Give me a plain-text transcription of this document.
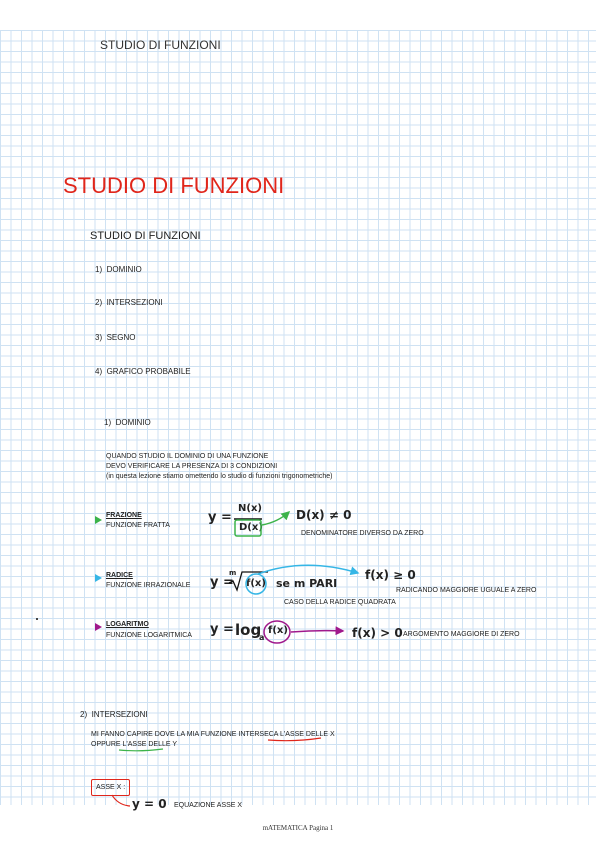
STUDIO DI FUNZIONI
STUDIO DI FUNZIONI
STUDIO DI FUNZIONI
1) DOMINIO
2) INTERSEZIONI
3) SEGNO
4) GRAFICO PROBABILE
1) DOMINIO
QUANDO STUDIO IL DOMINIO DI UNA FUNZIONE
DEVO VERIFICARE LA PRESENZA DI 3 CONDIZIONI
(in questa lezione stiamo omettendo lo studio di funzioni trigonometriche)
FRAZIONE
FUNZIONE FRATTA
y =
N(x)
D(x)
D(x) ≠ 0
DENOMINATORE DIVERSO DA ZERO
RADICE
FUNZIONE IRRAZIONALE y =
m
f(x) se m PARI
f(x) ≥ 0
RADICANDO MAGGIORE UGUALE A ZERO
CASO DELLA RADICE QUADRATA
LOGARITMO
FUNZIONE LOGARITMICA y = log
a
f(x)	f(x) > 0 ARGOMENTO MAGGIORE DI ZERO
2) INTERSEZIONI
MI FANNO CAPIRE DOVE LA MIA FUNZIONE INTERSECA L'ASSE DELLE X
OPPURE L'ASSE DELLE Y
ASSE X :
y = 0 EQUAZIONE ASSE X
mATEMATICA Pagina 1
